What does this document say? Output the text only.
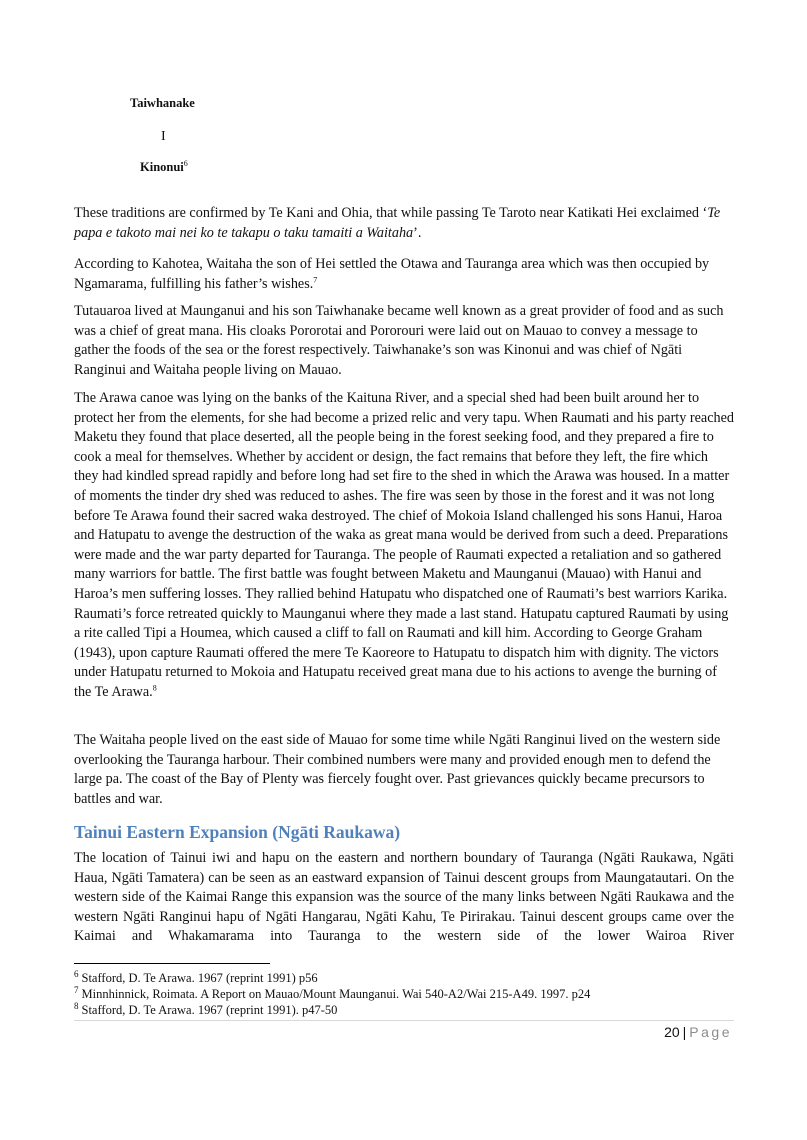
Taiwhanake
I
Kinonui$^6$

These traditions are confirmed by Te Kani and Ohia, that while passing Te Taroto near Katikati Hei exclaimed ‘Te papa e takoto mai nei ko te takapu o taku tamaiti a Waitaha’.

According to Kahotea, Waitaha the son of Hei settled the Otawa and Tauranga area which was then occupied by Ngamarama, fulfilling his father’s wishes.$^7$

Tutauaroa lived at Maunganui and his son Taiwhanake became well known as a great provider of food and as such was a chief of great mana. His cloaks Pororotai and Pororouri were laid out on Mauao to convey a message to gather the foods of the sea or the forest respectively. Taiwhanake’s son was Kinonui and was chief of Ngāti Ranginui and Waitaha people living on Mauao.

The Arawa canoe was lying on the banks of the Kaituna River, and a special shed had been built around her to protect her from the elements, for she had become a prized relic and very tapu. When Raumati and his party reached Maketu they found that place deserted, all the people being in the forest seeking food, and they prepared a fire to cook a meal for themselves. Whether by accident or design, the fact remains that before they left, the fire which they had kindled spread rapidly and before long had set fire to the shed in which the Arawa was housed. In a matter of moments the tinder dry shed was reduced to ashes. The fire was seen by those in the forest and it was not long before Te Arawa found their sacred waka destroyed. The chief of Mokoia Island challenged his sons Hanui, Haroa and Hatupatu to avenge the destruction of the waka as great mana would be derived from such a deed. Preparations were made and the war party departed for Tauranga. The people of Raumati expected a retaliation and so gathered many warriors for battle. The first battle was fought between Maketu and Maunganui (Mauao) with Hanui and Haroa’s men suffering losses. They rallied behind Hatupatu who dispatched one of Raumati’s best warriors Karika. Raumati’s force retreated quickly to Maunganui where they made a last stand. Hatupatu captured Raumati by using a rite called Tipi a Houmea, which caused a cliff to fall on Raumati and kill him. According to George Graham (1943), upon capture Raumati offered the mere Te Kaoreore to Hatupatu to dispatch him with dignity. The victors under Hatupatu returned to Mokoia and Hatupatu received great mana due to his actions to avenge the burning of the Te Arawa.$^8$

The Waitaha people lived on the east side of Mauao for some time while Ngāti Ranginui lived on the western side overlooking the Tauranga harbour. Their combined numbers were many and provided enough men to defend the large pa. The coast of the Bay of Plenty was fiercely fought over. Past grievances quickly became precursors to battles and war.

Tainui Eastern Expansion (Ngāti Raukawa)

The location of Tainui iwi and hapu on the eastern and northern boundary of Tauranga (Ngāti Raukawa, Ngāti Haua, Ngāti Tamatera) can be seen as an eastward expansion of Tainui descent groups from Maungatautari. On the western side of the Kaimai Range this expansion was the source of the many links between Ngāti Raukawa and the western Ngāti Ranginui hapu of Ngāti Hangarau, Ngāti Kahu, Te Pirirakau. Tainui descent groups came over the Kaimai and Whakamarama into Tauranga to the western side of the lower Wairoa River

$^6$ Stafford, D. Te Arawa. 1967 (reprint 1991) p56
$^7$ Minnhinnick, Roimata. A Report on Mauao/Mount Maunganui. Wai 540-A2/Wai 215-A49. 1997. p24
$^8$ Stafford, D. Te Arawa. 1967 (reprint 1991). p47-50
20 | Page
